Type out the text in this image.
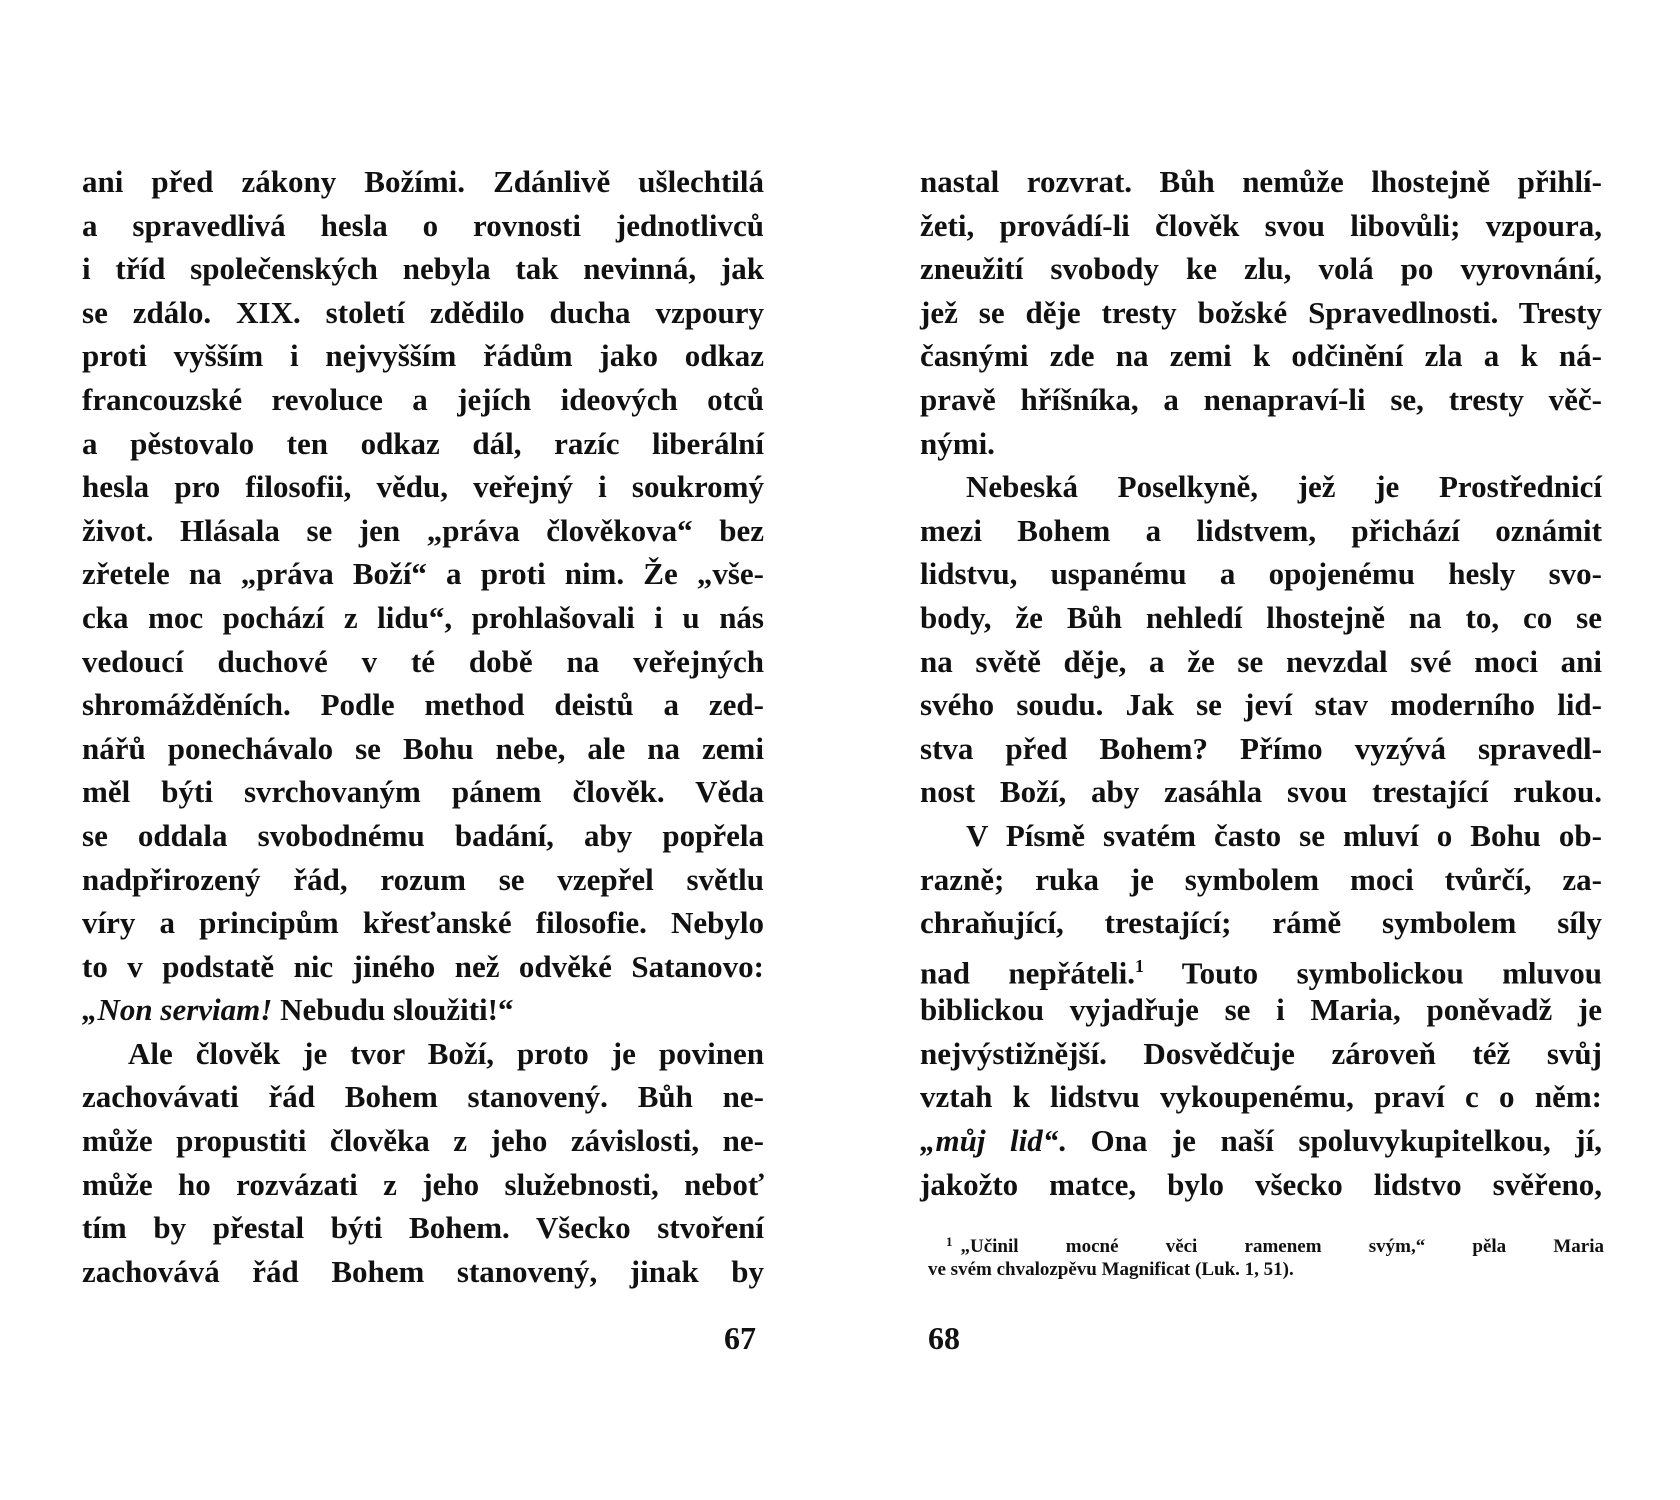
ani před zákony Božími. Zdánlivě ušlechtilá
a spravedlivá hesla o rovnosti jednotlivců
i tříd společenských nebyla tak nevinná, jak
se zdálo. XIX. století zdědilo ducha vzpoury
proti vyšším i nejvyšším řádům jako odkaz
francouzské revoluce a jejích ideových otců
a pěstovalo ten odkaz dál, razíc liberální
hesla pro filosofii, vědu, veřejný i soukromý
život. Hlásala se jen „práva člověkova“ bez
zřetele na „práva Boží“ a proti nim. Že „vše-
cka moc pochází z lidu“, prohlašovali i u nás
vedoucí duchové v té době na veřejných
shromážděních. Podle method deistů a zed-
nářů ponechávalo se Bohu nebe, ale na zemi
měl býti svrchovaným pánem člověk. Věda
se oddala svobodnému badání, aby popřela
nadpřirozený řád, rozum se vzepřel světlu
víry a principům křesťanské filosofie. Nebylo
to v podstatě nic jiného než odvěké Satanovo:
„Non serviam! Nebudu sloužiti!“
Ale člověk je tvor Boží, proto je povinen
zachovávati řád Bohem stanovený. Bůh ne-
může propustiti člověka z jeho závislosti, ne-
může ho rozvázati z jeho služebnosti, neboť
tím by přestal býti Bohem. Všecko stvoření
zachovává řád Bohem stanovený, jinak by
67
nastal rozvrat. Bůh nemůže lhostejně přihlí-
žeti, provádí-li člověk svou libovůli; vzpoura,
zneužití svobody ke zlu, volá po vyrovnání,
jež se děje tresty božské Spravedlnosti. Tresty
časnými zde na zemi k odčinění zla a k ná-
pravě hříšníka, a nenapraví-li se, tresty věč-
nými.
Nebeská Poselkyně, jež je Prostřednicí
mezi Bohem a lidstvem, přichází oznámit
lidstvu, uspanému a opojenému hesly svo-
body, že Bůh nehledí lhostejně na to, co se
na světě děje, a že se nevzdal své moci ani
svého soudu. Jak se jeví stav moderního lid-
stva před Bohem? Přímo vyzývá spravedl-
nost Boží, aby zasáhla svou trestající rukou.
V Písmě svatém často se mluví o Bohu ob-
razně; ruka je symbolem moci tvůrčí, za-
chraňující, trestající; rámě symbolem síly
nad nepřáteli.$^1$ Touto symbolickou mluvou
biblickou vyjadřuje se i Maria, poněvadž je
nejvýstižnější. Dosvědčuje zároveň též svůj
vztah k lidstvu vykoupenému, praví c o něm:
„můj lid“. Ona je naší spoluvykupitelkou, jí,
jakožto matce, bylo všecko lidstvo svěřeno,
$^1$ „Učinil mocné věci ramenem svým,“ pěla Maria
ve svém chvalozpěvu Magnificat (Luk. 1, 51).
68
